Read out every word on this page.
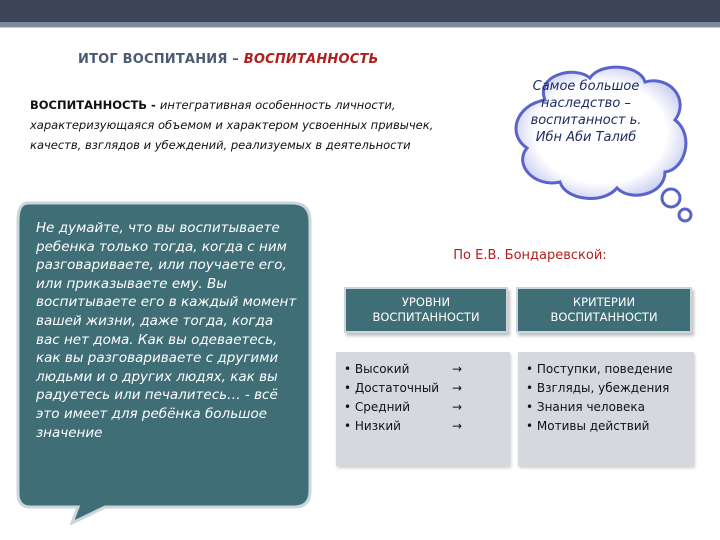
ИТОГ ВОСПИТАНИЯ – ВОСПИТАННОСТЬ
ВОСПИТАННОСТЬ - интегративная особенность личности, характеризующаяся объемом и характером усвоенных привычек, качеств, взглядов и убеждений, реализуемых в деятельности
Самое большое наследство – воспитанност ь.
Ибн Аби Талиб
Не думайте, что вы воспитываете ребенка только тогда, когда с ним разговариваете, или поучаете его, или приказываете ему. Вы воспитываете его в каждый момент вашей жизни, даже тогда, когда вас нет дома. Как вы одеваетесь, как вы разговариваете с другими людьми и о других людях, как вы радуетесь или печалитесь… - всё это имеет для ребёнка большое значение
По Е.В. Бондаревской:
УРОВНИ
ВОСПИТАННОСТИ
КРИТЕРИИ
ВОСПИТАННОСТИ
• Высокий	→
• Достаточный →
• Средний	→
• Низкий	→
• Поступки, поведение
• Взгляды, убеждения
• Знания человека
• Мотивы действий
